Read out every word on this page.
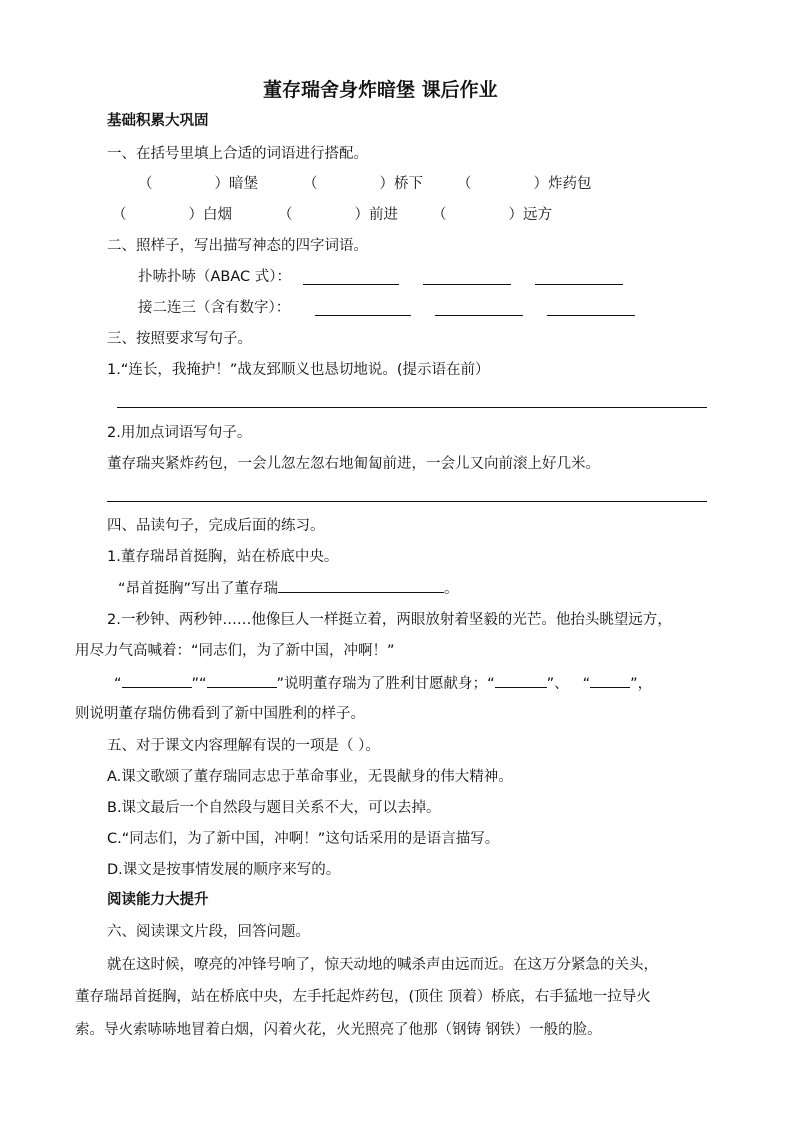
董存瑞舍身炸暗堡 课后作业
基础积累大巩固
一、在括号里填上合适的词语进行搭配。
（	）暗堡	（	）桥下 （	）炸药包
（	）白烟	（	）前进 （	）远方
二、照样子，写出描写神态的四字词语。
扑哧扑哧（ABAC 式）：
接二连三（含有数字）：
三、按照要求写句子。
1.“连长，我掩护！”战友郅顺义也恳切地说。(提示语在前）
2.用加点词语写句子。
董存瑞夹紧炸药包，一会儿忽左忽右地匍匐前进，一会儿又向前滚上好几米。
四、品读句子，完成后面的练习。
1.董存瑞昂首挺胸，站在桥底中央。
“昂首挺胸”写出了董存瑞	。
2.一秒钟、两秒钟……他像巨人一样挺立着，两眼放射着坚毅的光芒。他抬头眺望远方，
用尽力气高喊着：“同志们，为了新中国，冲啊！”
“	”“	”说明董存瑞为了胜利甘愿献身；“	”、 “	”，
则说明董存瑞仿佛看到了新中国胜利的样子。
五、对于课文内容理解有误的一项是（ ）。
A.课文歌颂了董存瑞同志忠于革命事业，无畏献身的伟大精神。
B.课文最后一个自然段与题目关系不大，可以去掉。
C.“同志们，为了新中国，冲啊！”这句话采用的是语言描写。
D.课文是按事情发展的顺序来写的。
阅读能力大提升
六、阅读课文片段，回答问题。
就在这时候，嘹亮的冲锋号响了，惊天动地的喊杀声由远而近。在这万分紧急的关头，
董存瑞昂首挺胸，站在桥底中央，左手托起炸药包，(顶住 顶着）桥底，右手猛地一拉导火
索。导火索哧哧地冒着白烟，闪着火花，火光照亮了他那（钢铸 钢铁）一般的脸。
